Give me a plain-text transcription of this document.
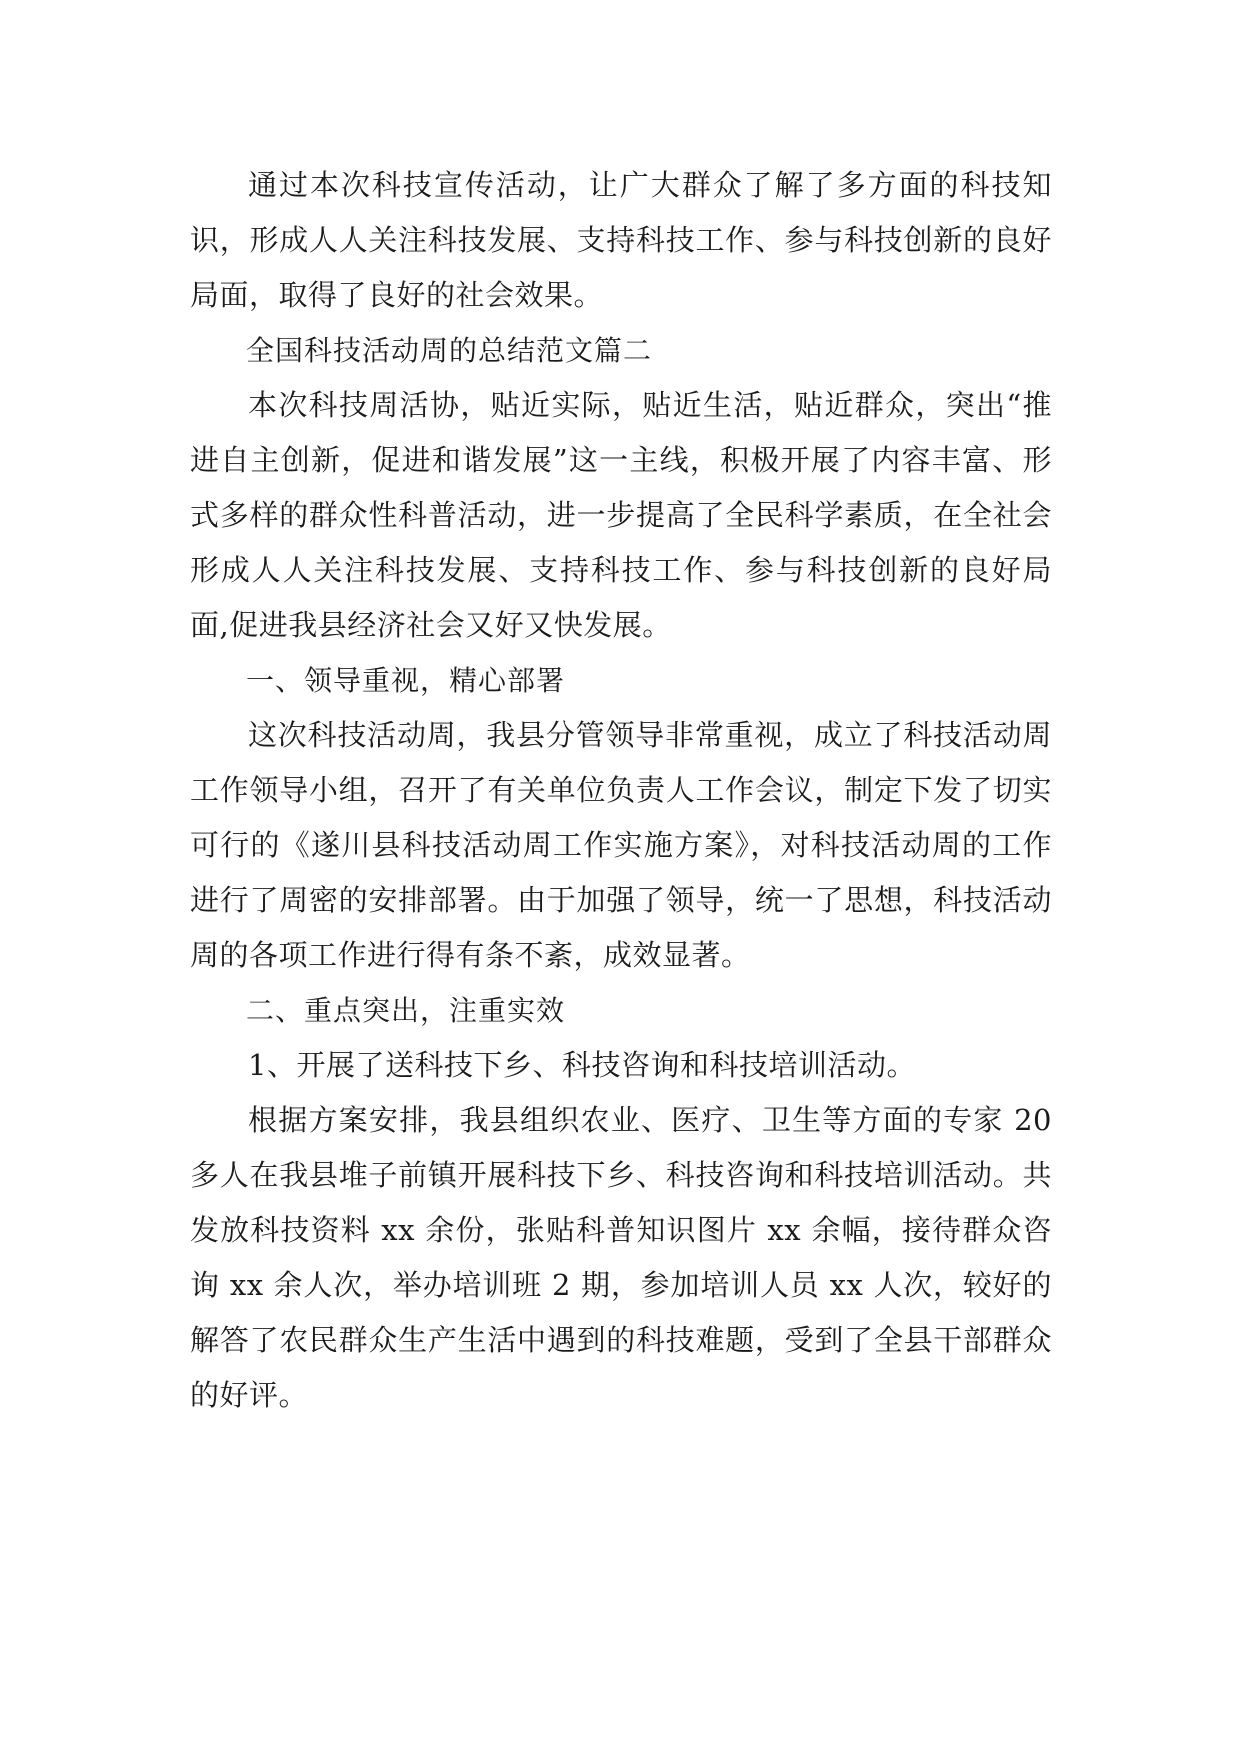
通过本次科技宣传活动，让广大群众了解了多方面的科技知识，形成人人关注科技发展、支持科技工作、参与科技创新的良好局面，取得了良好的社会效果。

全国科技活动周的总结范文篇二

本次科技周活协，贴近实际，贴近生活，贴近群众，突出“推进自主创新，促进和谐发展”这一主线，积极开展了内容丰富、形式多样的群众性科普活动，进一步提高了全民科学素质，在全社会形成人人关注科技发展、支持科技工作、参与科技创新的良好局面,促进我县经济社会又好又快发展。

一、领导重视，精心部署

这次科技活动周，我县分管领导非常重视，成立了科技活动周工作领导小组，召开了有关单位负责人工作会议，制定下发了切实可行的《遂川县科技活动周工作实施方案》，对科技活动周的工作进行了周密的安排部署。由于加强了领导，统一了思想，科技活动周的各项工作进行得有条不紊，成效显著。

二、重点突出，注重实效

1、开展了送科技下乡、科技咨询和科技培训活动。

根据方案安排，我县组织农业、医疗、卫生等方面的专家 20 多人在我县堆子前镇开展科技下乡、科技咨询和科技培训活动。共发放科技资料 xx 余份，张贴科普知识图片 xx 余幅，接待群众咨询 xx 余人次，举办培训班 2 期，参加培训人员 xx 人次，较好的解答了农民群众生产生活中遇到的科技难题，受到了全县干部群众的好评。
